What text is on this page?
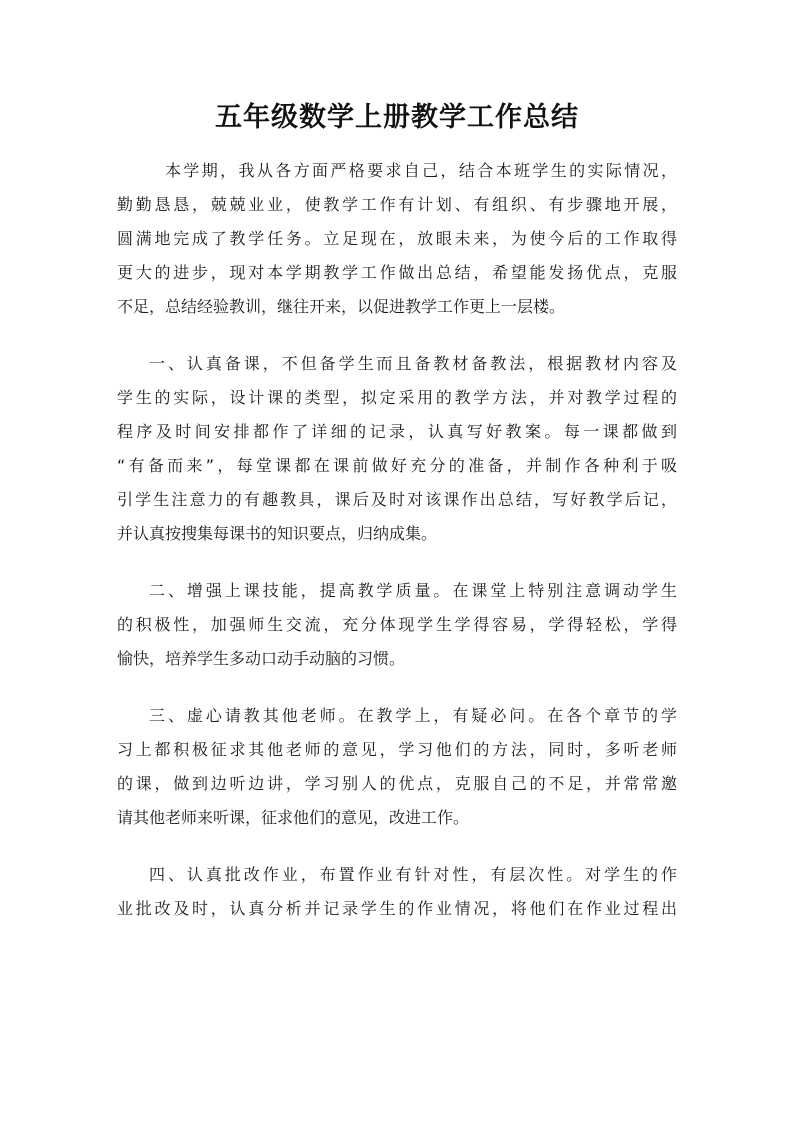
五年级数学上册教学工作总结
本学期，我从各方面严格要求自己，结合本班学生的实际情况，
勤勤恳恳，兢兢业业，使教学工作有计划、有组织、有步骤地开展，
圆满地完成了教学任务。立足现在，放眼未来，为使今后的工作取得
更大的进步，现对本学期教学工作做出总结，希望能发扬优点，克服
不足，总结经验教训，继往开来，以促进教学工作更上一层楼。
一、认真备课，不但备学生而且备教材备教法，根据教材内容及
学生的实际，设计课的类型，拟定采用的教学方法，并对教学过程的
程序及时间安排都作了详细的记录，认真写好教案。每一课都做到
“有备而来”，每堂课都在课前做好充分的准备，并制作各种利于吸
引学生注意力的有趣教具，课后及时对该课作出总结，写好教学后记，
并认真按搜集每课书的知识要点，归纳成集。
二、增强上课技能，提高教学质量。在课堂上特别注意调动学生
的积极性，加强师生交流，充分体现学生学得容易，学得轻松，学得
愉快，培养学生多动口动手动脑的习惯。
三、虚心请教其他老师。在教学上，有疑必问。在各个章节的学
习上都积极征求其他老师的意见，学习他们的方法，同时，多听老师
的课，做到边听边讲，学习别人的优点，克服自己的不足，并常常邀
请其他老师来听课，征求他们的意见，改进工作。
四、认真批改作业，布置作业有针对性，有层次性。对学生的作
业批改及时，认真分析并记录学生的作业情况，将他们在作业过程出
